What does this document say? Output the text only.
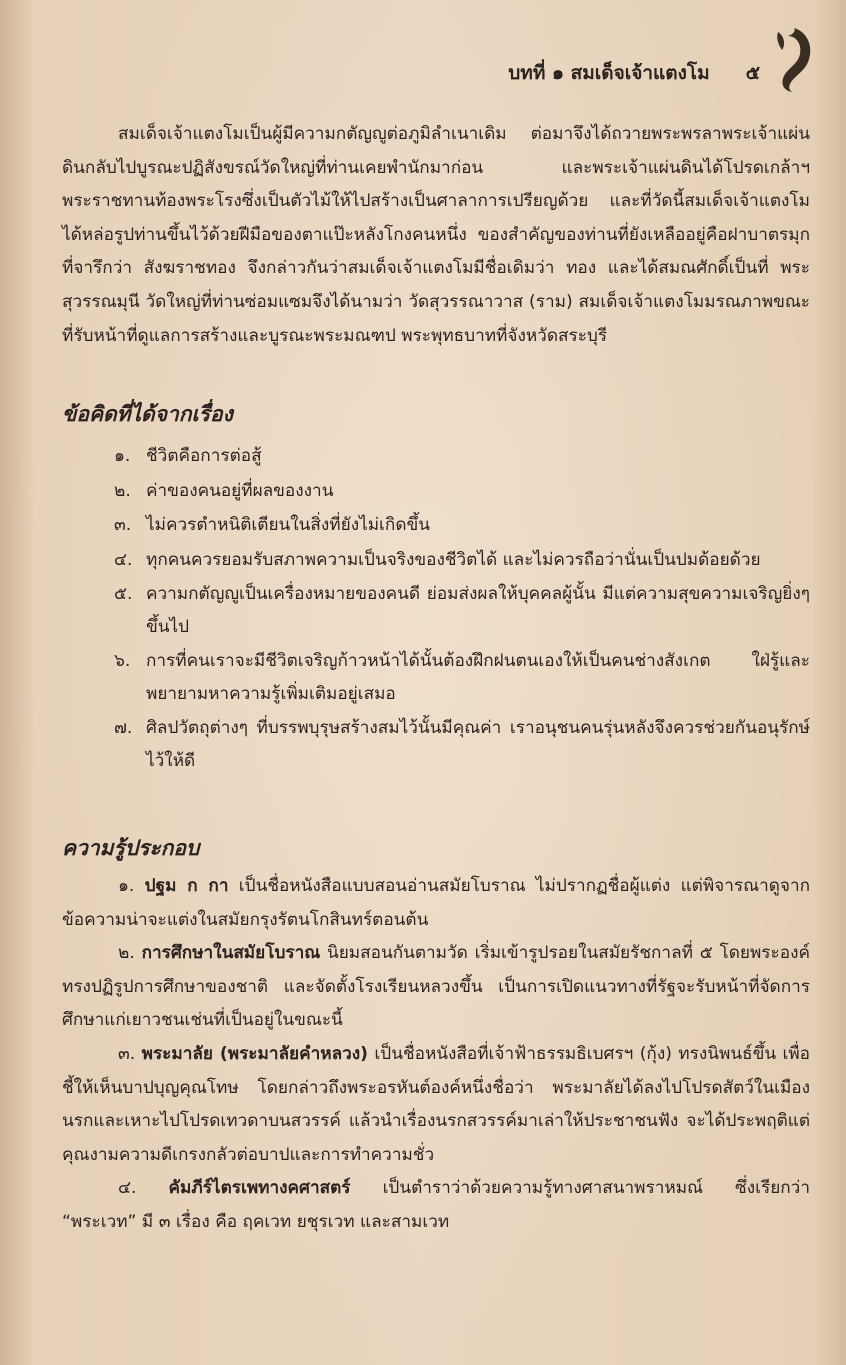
บทที่ ๑ สมเด็จเจ้าแตงโม ๕

สมเด็จเจ้าแตงโมเป็นผู้มีความกตัญญูต่อภูมิลำเนาเดิม ต่อมาจึงได้ถวายพระพรลาพระเจ้าแผ่นดินกลับไปบูรณะปฏิสังขรณ์วัดใหญ่ที่ท่านเคยพำนักมาก่อน และพระเจ้าแผ่นดินได้โปรดเกล้าฯ พระราชทานท้องพระโรงซึ่งเป็นตัวไม้ให้ไปสร้างเป็นศาลาการเปรียญด้วย และที่วัดนี้สมเด็จเจ้าแตงโมได้หล่อรูปท่านขึ้นไว้ด้วยฝีมือของตาแป๊ะหลังโกงคนหนึ่ง ของสำคัญของท่านที่ยังเหลืออยู่คือฝาบาตรมุกที่จารึกว่า สังฆราชทอง จึงกล่าวกันว่าสมเด็จเจ้าแตงโมมีชื่อเดิมว่า ทอง และได้สมณศักดิ์เป็นที่ พระสุวรรณมุนี วัดใหญ่ที่ท่านซ่อมแซมจึงได้นามว่า วัดสุวรรณาวาส (ราม) สมเด็จเจ้าแตงโมมรณภาพขณะที่รับหน้าที่ดูแลการสร้างและบูรณะพระมณฑป พระพุทธบาทที่จังหวัดสระบุรี

ข้อคิดที่ได้จากเรื่อง
๑. ชีวิตคือการต่อสู้
๒. ค่าของคนอยู่ที่ผลของงาน
๓. ไม่ควรตำหนิติเตียนในสิ่งที่ยังไม่เกิดขึ้น
๔. ทุกคนควรยอมรับสภาพความเป็นจริงของชีวิตได้ และไม่ควรถือว่านั่นเป็นปมด้อยด้วย
๕. ความกตัญญูเป็นเครื่องหมายของคนดี ย่อมส่งผลให้บุคคลผู้นั้น มีแต่ความสุขความเจริญยิ่งๆ ขึ้นไป
๖. การที่คนเราจะมีชีวิตเจริญก้าวหน้าได้นั้นต้องฝึกฝนตนเองให้เป็นคนช่างสังเกต ใฝ่รู้และพยายามหาความรู้เพิ่มเติมอยู่เสมอ
๗. ศิลปวัตถุต่างๆ ที่บรรพบุรุษสร้างสมไว้นั้นมีคุณค่า เราอนุชนคนรุ่นหลังจึงควรช่วยกันอนุรักษ์ไว้ให้ดี
ความรู้ประกอบ

๑. ปฐม ก กา เป็นชื่อหนังสือแบบสอนอ่านสมัยโบราณ ไม่ปรากฏชื่อผู้แต่ง แต่พิจารณาดูจากข้อความน่าจะแต่งในสมัยกรุงรัตนโกสินทร์ตอนต้น

๒. การศึกษาในสมัยโบราณ นิยมสอนกันตามวัด เริ่มเข้ารูปรอยในสมัยรัชกาลที่ ๕ โดยพระองค์ทรงปฏิรูปการศึกษาของชาติ และจัดตั้งโรงเรียนหลวงขึ้น เป็นการเปิดแนวทางที่รัฐจะรับหน้าที่จัดการศึกษาแก่เยาวชนเช่นที่เป็นอยู่ในขณะนี้

๓. พระมาลัย (พระมาลัยคำหลวง) เป็นชื่อหนังสือที่เจ้าฟ้าธรรมธิเบศรฯ (กุ้ง) ทรงนิพนธ์ขึ้น เพื่อชี้ให้เห็นบาปบุญคุณโทษ โดยกล่าวถึงพระอรหันต์องค์หนึ่งชื่อว่า พระมาลัยได้ลงไปโปรดสัตว์ในเมืองนรกและเหาะไปโปรดเทวดาบนสวรรค์ แล้วนำเรื่องนรกสวรรค์มาเล่าให้ประชาชนฟัง จะได้ประพฤติแต่คุณงามความดีเกรงกลัวต่อบาปและการทำความชั่ว

๔. คัมภีร์ไตรเพทางคศาสตร์ เป็นตำราว่าด้วยความรู้ทางศาสนาพราหมณ์ ซึ่งเรียกว่า “พระเวท” มี ๓ เรื่อง คือ ฤคเวท ยชุรเวท และสามเวท
